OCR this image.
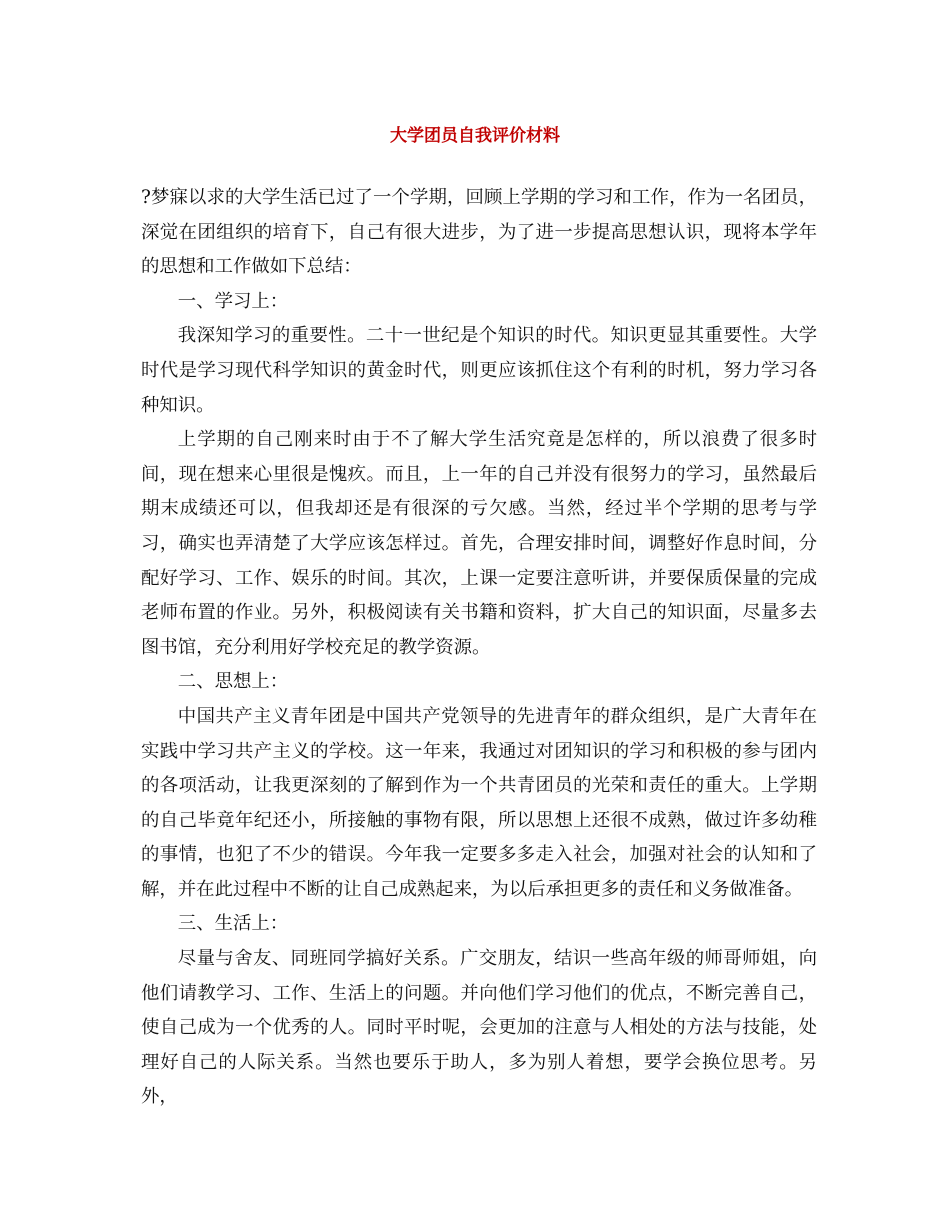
大学团员自我评价材料

?梦寐以求的大学生活已过了一个学期，回顾上学期的学习和工作，作为一名团员，深觉在团组织的培育下，自己有很大进步，为了进一步提高思想认识，现将本学年的思想和工作做如下总结：

一、学习上：

我深知学习的重要性。二十一世纪是个知识的时代。知识更显其重要性。大学时代是学习现代科学知识的黄金时代，则更应该抓住这个有利的时机，努力学习各种知识。

上学期的自己刚来时由于不了解大学生活究竟是怎样的，所以浪费了很多时间，现在想来心里很是愧疚。而且，上一年的自己并没有很努力的学习，虽然最后期末成绩还可以，但我却还是有很深的亏欠感。当然，经过半个学期的思考与学习，确实也弄清楚了大学应该怎样过。首先，合理安排时间，调整好作息时间，分配好学习、工作、娱乐的时间。其次，上课一定要注意听讲，并要保质保量的完成老师布置的作业。另外，积极阅读有关书籍和资料，扩大自己的知识面，尽量多去图书馆，充分利用好学校充足的教学资源。

二、思想上：

中国共产主义青年团是中国共产党领导的先进青年的群众组织，是广大青年在实践中学习共产主义的学校。这一年来，我通过对团知识的学习和积极的参与团内的各项活动，让我更深刻的了解到作为一个共青团员的光荣和责任的重大。上学期的自己毕竟年纪还小，所接触的事物有限，所以思想上还很不成熟，做过许多幼稚的事情，也犯了不少的错误。今年我一定要多多走入社会，加强对社会的认知和了解，并在此过程中不断的让自己成熟起来，为以后承担更多的责任和义务做准备。

三、生活上：

尽量与舍友、同班同学搞好关系。广交朋友，结识一些高年级的师哥师姐，向他们请教学习、工作、生活上的问题。并向他们学习他们的优点，不断完善自己，使自己成为一个优秀的人。同时平时呢，会更加的注意与人相处的方法与技能，处理好自己的人际关系。当然也要乐于助人，多为别人着想，要学会换位思考。另外，
